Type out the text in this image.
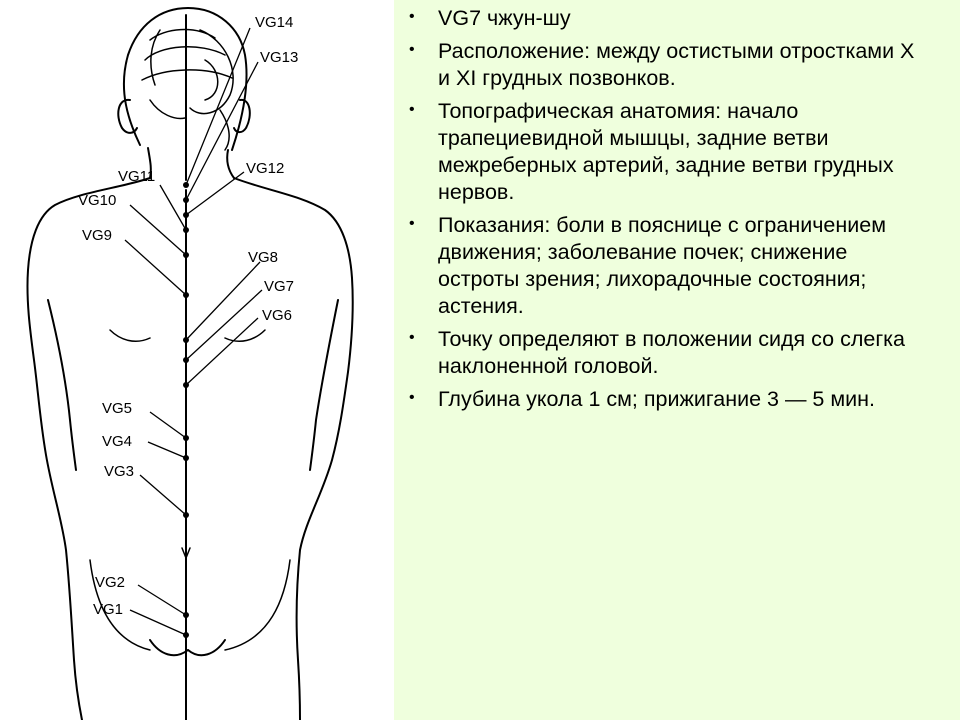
VG14
VG13
VG12
VG11
VG10
VG9
VG8
VG7
VG6
VG5
VG4
VG3
VG2
VG1
• VG7 чжун-шу
• Расположение: между остистыми отростками X и XI грудных позвонков.
• Топографическая анатомия: начало трапециевидной мышцы, задние ветви межреберных артерий, задние ветви грудных нервов.
• Показания: боли в пояснице с ограничением движения; заболевание почек; снижение остроты зрения; лихорадочные состояния; астения.
• Точку определяют в положении сидя со слегка наклоненной головой.
• Глубина укола 1 см; прижигание 3 — 5 мин.
